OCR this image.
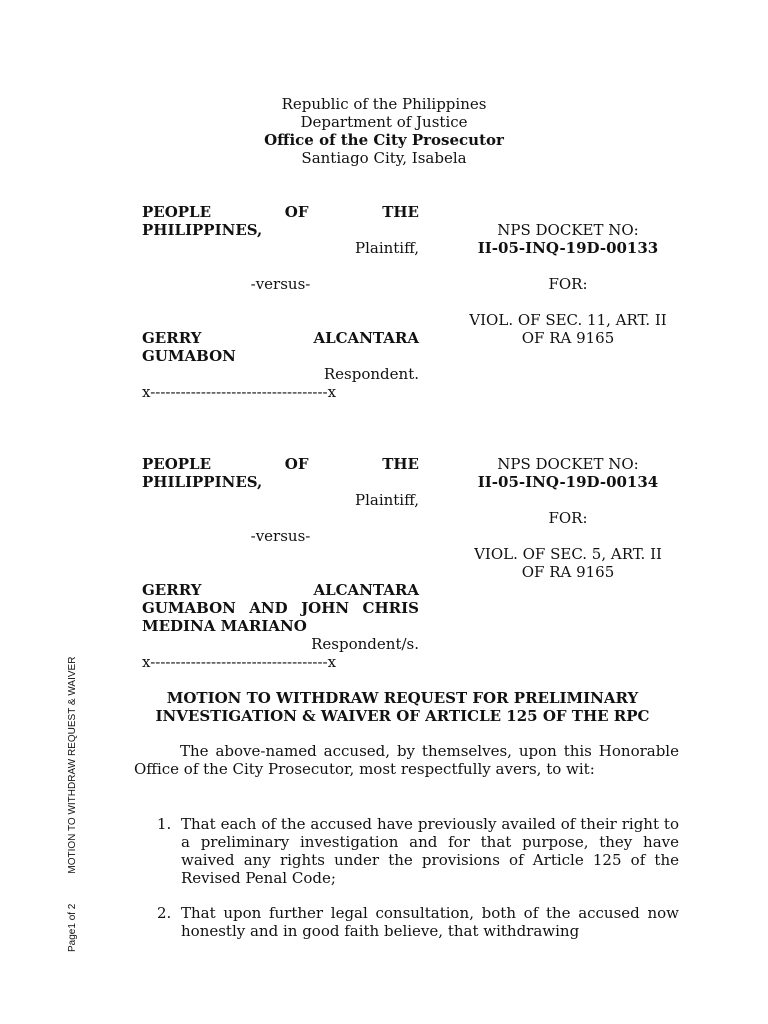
Republic of the Philippines
Department of Justice
Office of the City Prosecutor
Santiago City, Isabela
PEOPLE	OF	THE
PHILIPPINES,
Plaintiff,
-versus-
GERRY	ALCANTARA
GUMABON
Respondent.
x-----------------------------------x
NPS DOCKET NO:
II-05-INQ-19D-00133
FOR:
VIOL. OF SEC. 11, ART. II
OF RA 9165
PEOPLE	OF	THE
PHILIPPINES,
Plaintiff,
-versus-
GERRY	ALCANTARA
GUMABON AND JOHN CHRIS
MEDINA MARIANO
Respondent/s.
x-----------------------------------x
NPS DOCKET NO:
II-05-INQ-19D-00134
FOR:
VIOL. OF SEC. 5, ART. II
OF RA 9165
MOTION TO WITHDRAW REQUEST FOR PRELIMINARY
INVESTIGATION & WAIVER OF ARTICLE 125 OF THE RPC
The above-named accused, by themselves, upon this Honorable Office of the City Prosecutor, most respectfully avers, to wit:
1. That each of the accused have previously availed of their right to a preliminary investigation and for that purpose, they have waived any rights under the provisions of Article 125 of the Revised Penal Code;
2. That upon further legal consultation, both of the accused now honestly and in good faith believe, that withdrawing
Page1 of 2MOTION TO WITHDRAW REQUEST & WAIVER
